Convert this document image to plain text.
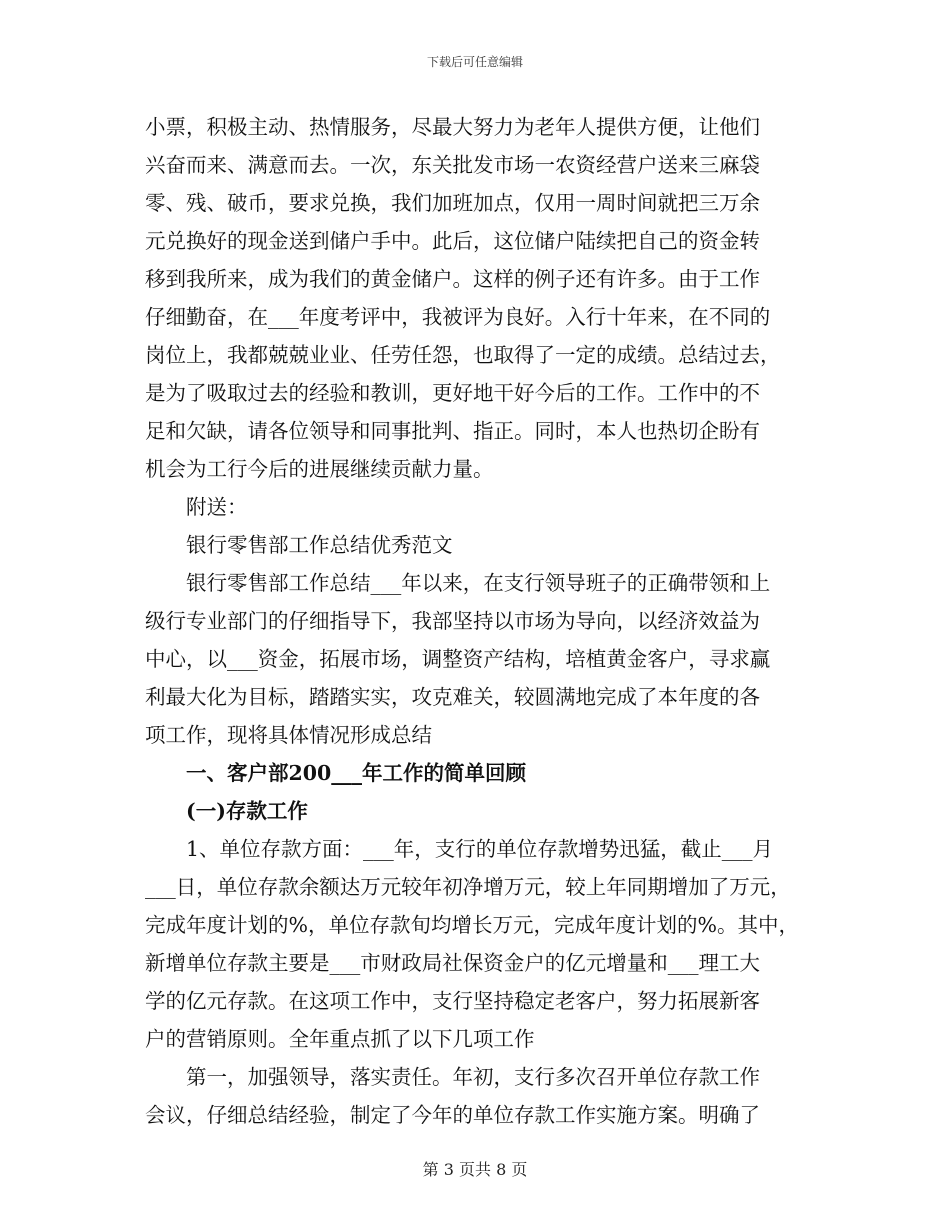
下载后可任意编辑
小票，积极主动、热情服务，尽最大努力为老年人提供方便，让他们
兴奋而来、满意而去。一次，东关批发市场一农资经营户送来三麻袋
零、残、破币，要求兑换，我们加班加点，仅用一周时间就把三万余
元兑换好的现金送到储户手中。此后，这位储户陆续把自己的资金转
移到我所来，成为我们的黄金储户。这样的例子还有许多。由于工作
仔细勤奋，在___年度考评中，我被评为良好。入行十年来，在不同的
岗位上，我都兢兢业业、任劳任怨，也取得了一定的成绩。总结过去，
是为了吸取过去的经验和教训，更好地干好今后的工作。工作中的不
足和欠缺，请各位领导和同事批判、指正。同时，本人也热切企盼有
机会为工行今后的进展继续贡献力量。
附送：
银行零售部工作总结优秀范文
银行零售部工作总结___年以来，在支行领导班子的正确带领和上
级行专业部门的仔细指导下，我部坚持以市场为导向，以经济效益为
中心，以___资金，拓展市场，调整资产结构，培植黄金客户，寻求赢
利最大化为目标，踏踏实实，攻克难关，较圆满地完成了本年度的各
项工作，现将具体情况形成总结
一、客户部200___年工作的简单回顾
(一)存款工作
1、单位存款方面：___年，支行的单位存款增势迅猛，截止___月
___日，单位存款余额达万元较年初净增万元，较上年同期增加了万元，
完成年度计划的%，单位存款旬均增长万元，完成年度计划的%。其中，
新增单位存款主要是___市财政局社保资金户的亿元增量和___理工大
学的亿元存款。在这项工作中，支行坚持稳定老客户，努力拓展新客
户的营销原则。全年重点抓了以下几项工作
第一，加强领导，落实责任。年初，支行多次召开单位存款工作
会议，仔细总结经验，制定了今年的单位存款工作实施方案。明确了
第 3 页共 8 页
